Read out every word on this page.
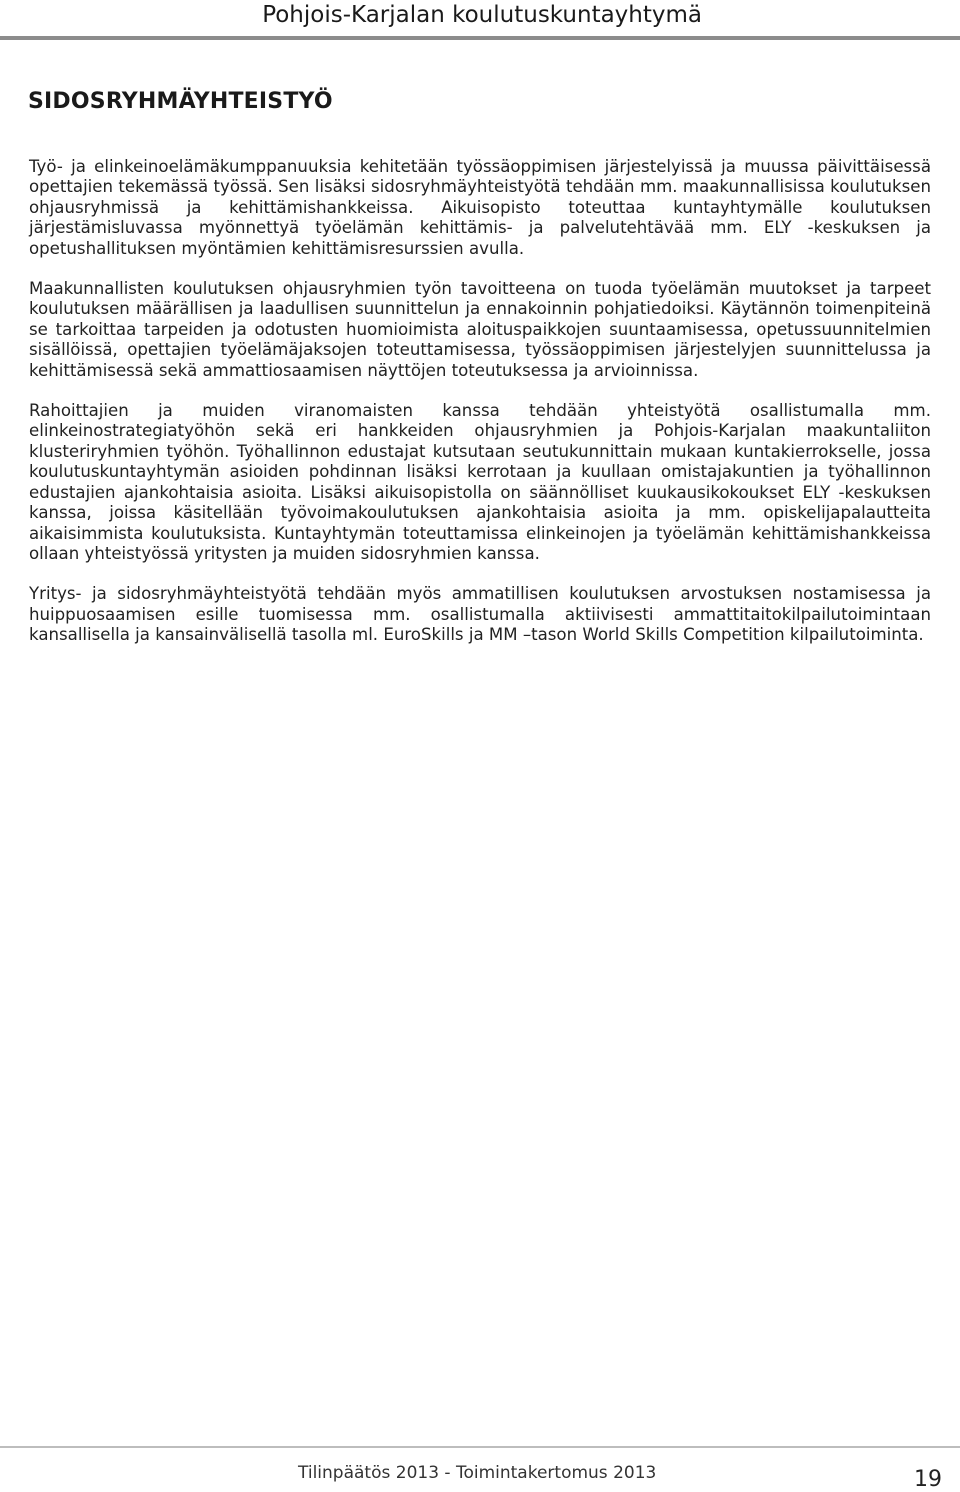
Pohjois-Karjalan koulutuskuntayhtymä
SIDOSRYHMÄYHTEISTYÖ

Työ- ja elinkeinoelämäkumppanuuksia kehitetään työssäoppimisen järjestelyissä ja muussa päivittäisessä opettajien tekemässä työssä. Sen lisäksi sidosryhmäyhteistyötä tehdään mm. maakunnallisissa koulutuksen ohjausryhmissä ja kehittämishankkeissa. Aikuisopisto toteuttaa kuntayhtymälle koulutuksen järjestämisluvassa myönnettyä työelämän kehittämis- ja palvelutehtävää mm. ELY -keskuksen ja opetushallituksen myöntämien kehittämisresurssien avulla.

Maakunnallisten koulutuksen ohjausryhmien työn tavoitteena on tuoda työelämän muutokset ja tarpeet koulutuksen määrällisen ja laadullisen suunnittelun ja ennakoinnin pohjatiedoiksi. Käytännön toimenpiteinä se tarkoittaa tarpeiden ja odotusten huomioimista aloituspaikkojen suuntaamisessa, opetussuunnitelmien sisällöissä, opettajien työelämäjaksojen toteuttamisessa, työssäoppimisen järjestelyjen suunnittelussa ja kehittämisessä sekä ammattiosaamisen näyttöjen toteutuksessa ja arvioinnissa.

Rahoittajien ja muiden viranomaisten kanssa tehdään yhteistyötä osallistumalla mm. elinkeinostrategiatyöhön sekä eri hankkeiden ohjausryhmien ja Pohjois-Karjalan maakuntaliiton klusteriryhmien työhön. Työhallinnon edustajat kutsutaan seutukunnittain mukaan kuntakierrokselle, jossa koulutuskuntayhtymän asioiden pohdinnan lisäksi kerrotaan ja kuullaan omistajakuntien ja työhallinnon edustajien ajankohtaisia asioita. Lisäksi aikuisopistolla on säännölliset kuukausikokoukset ELY -keskuksen kanssa, joissa käsitellään työvoimakoulutuksen ajankohtaisia asioita ja mm. opiskelijapalautteita aikaisimmista koulutuksista. Kuntayhtymän toteuttamissa elinkeinojen ja työelämän kehittämishankkeissa ollaan yhteistyössä yritysten ja muiden sidosryhmien kanssa.

Yritys- ja sidosryhmäyhteistyötä tehdään myös ammatillisen koulutuksen arvostuksen nostamisessa ja huippuosaamisen esille tuomisessa mm. osallistumalla aktiivisesti ammattitaitokilpailutoimintaan kansallisella ja kansainvälisellä tasolla ml. EuroSkills ja MM –tason World Skills Competition kilpailutoiminta.

Tilinpäätös 2013 - Toimintakertomus 2013	19
